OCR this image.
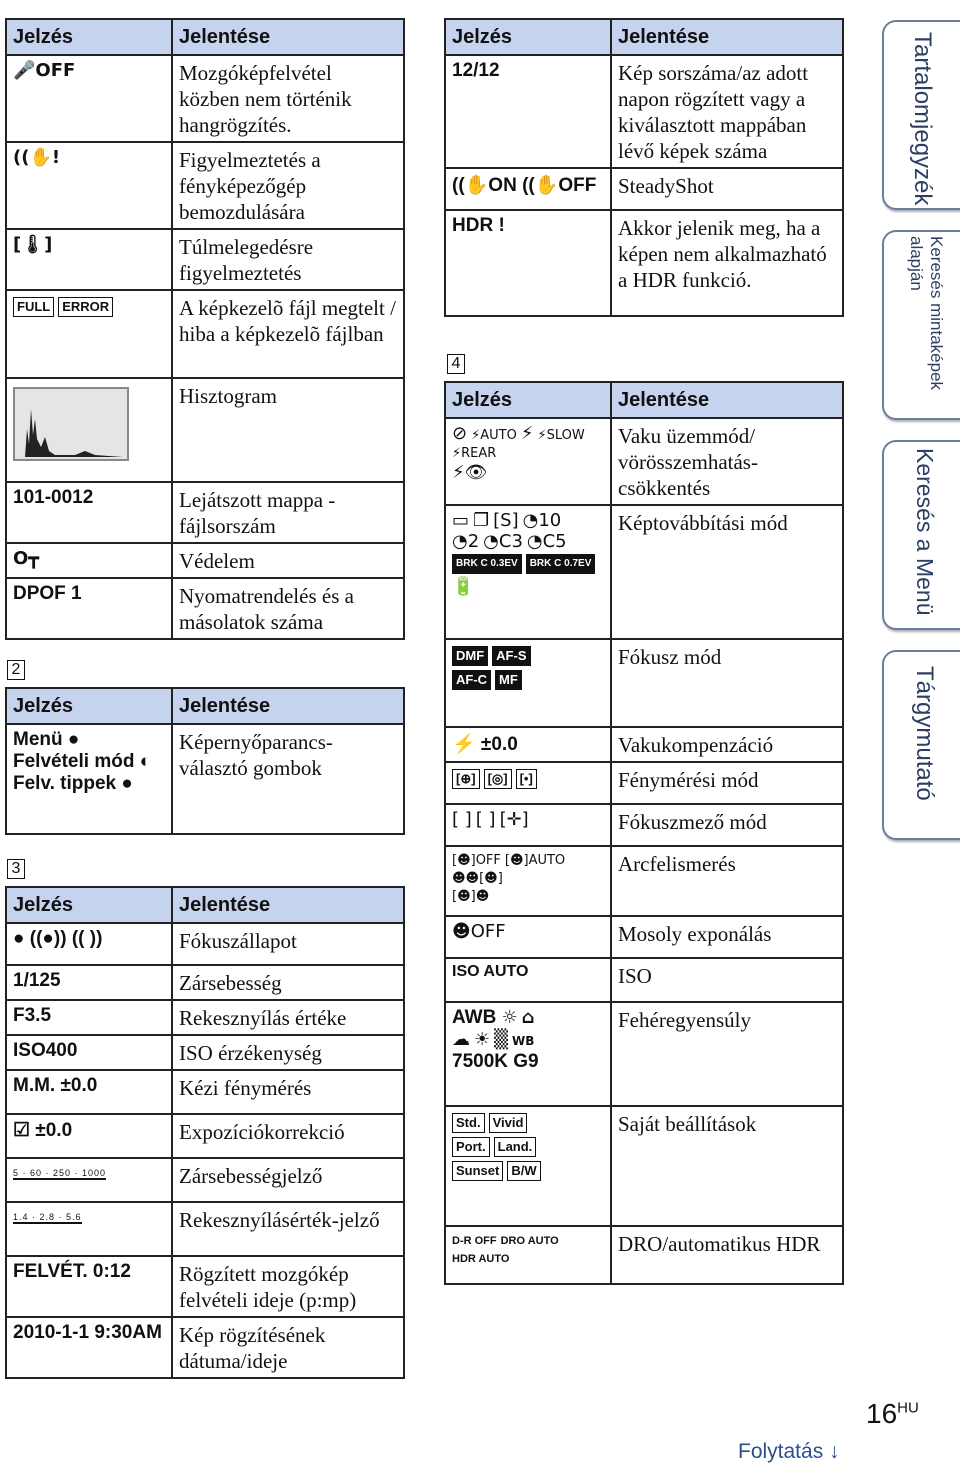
Jelzés	Jelentése
🎤OFF	Mozgóképfelvétel közben nem történik hangrögzítés.
((✋!	Figyelmeztetés a fényképezőgép bemozdulására
[🌡]	Túlmelegedésre figyelmeztetés
FULL ERROR	A képkezelõ fájl megtelt / hiba a képkezelõ fájlban

	Hisztogram
101-0012	Lejátszott mappa - fájlsorszám
O┳	Védelem
DPOF 1	Nyomatrendelés és a másolatok száma
2
Jelzés	Jelentése

Menü ●
Felvételi mód ◐
Felv. tippek ●	Képernyőparancs-választó gombok
3
Jelzés	Jelentése
● ((●)) (( ))	Fókuszállapot
1/125	Zársebesség
F3.5	Rekesznyílás értéke
ISO400	ISO érzékenység
M.M. ±0.0	Kézi fénymérés
☑ ±0.0	Expozíciókorrekció
5 · 60 · 250 · 1000	Zársebességjelző
1.4 · 2.8 · 5.6	Rekesznyílásérték-jelző
FELVÉT. 0:12	Rögzített mozgókép felvételi ideje (p:mp)
2010-1-1 9:30AM	Kép rögzítésének dátuma/ideje
Jelzés	Jelentése
12/12	Kép sorszáma/az adott napon rögzített vagy a kiválasztott mappában lévő képek száma
((✋ON ((✋OFF	SteadyShot
HDR !	Akkor jelenik meg, ha a képen nem alkalmazható a HDR funkció.
4
Jelzés	Jelentése
⊘ ⚡AUTO ⚡ ⚡SLOW⚡REAR
⚡👁	Vaku üzemmód/ vörösszemhatás-csökkentés
▭ ❐ [S] ◔10
◔2 ◔C3 ◔C5
BRK C 0.3EV BRK C 0.7EV🔋	Képtovábbítási mód
DMF AF-S
AF-C MF	Fókusz mód
⚡ ±0.0	Vakukompenzáció
[⊕] [◎] [•]	Fénymérési mód
[ ] [ ] [✛]	Fókuszmező mód
[☻]OFF [☻]AUTO☻☻[☻]
[☻]☻	Arcfelismerés
☻OFF	Mosoly exponálás
ISO AUTO	ISO
AWB ☼ ⌂
☁ ☀ ▒ WB
7500K G9	Fehéregyensúly
Std. Vivid
Port. Land.
Sunset B/W	Saját beállítások
D-R OFF DRO AUTOHDR AUTO	DRO/automatikus HDR
Tartalomjegyzék
Keresés mintaképek alapján
Keresés a Menü
Tárgymutató
$16^{HU}$
Folytatás ↓
